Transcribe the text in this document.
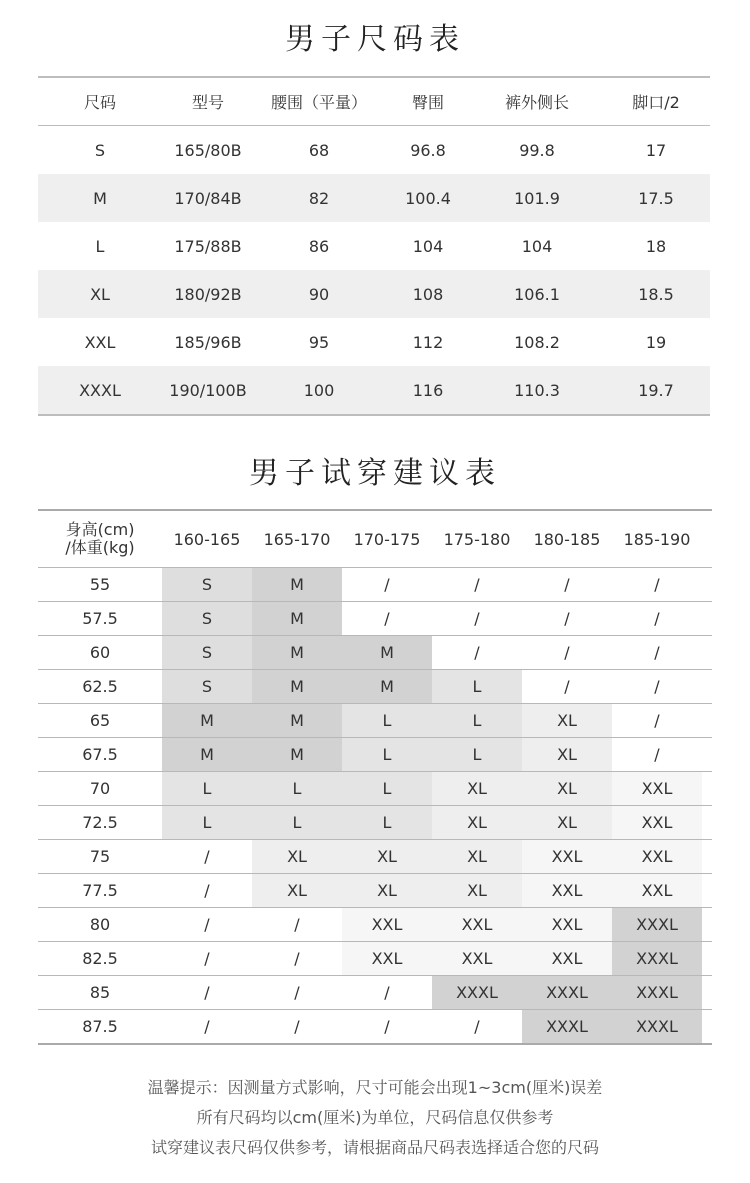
男子尺码表
尺码	型号	腰围（平量）	臀围	裤外侧长	脚口/2
S	165/80B	68	96.8	99.8	17
M	170/84B	82	100.4	101.9	17.5
L	175/88B	86	104	104	18
XL	180/92B	90	108	106.1	18.5
XXL	185/96B	95	112	108.2	19
XXXL	190/100B	100	116	110.3	19.7
男子试穿建议表
身高(cm)
/体重(kg)	160-165	165-170	170-175	175-180	180-185	185-190
55	S	M	/	/	/	/
57.5	S	M	/	/	/	/
60	S	M	M	/	/	/
62.5	S	M	M	L	/	/
65	M	M	L	L	XL	/
67.5	M	M	L	L	XL	/
70	L	L	L	XL	XL	XXL
72.5	L	L	L	XL	XL	XXL
75	/	XL	XL	XL	XXL	XXL
77.5	/	XL	XL	XL	XXL	XXL
80	/	/	XXL	XXL	XXL	XXXL
82.5	/	/	XXL	XXL	XXL	XXXL
85	/	/	/	XXXL	XXXL	XXXL
87.5	/	/	/	/	XXXL	XXXL
温馨提示：因测量方式影响，尺寸可能会出现1~3cm(厘米)误差
所有尺码均以cm(厘米)为单位，尺码信息仅供参考
试穿建议表尺码仅供参考，请根据商品尺码表选择适合您的尺码
